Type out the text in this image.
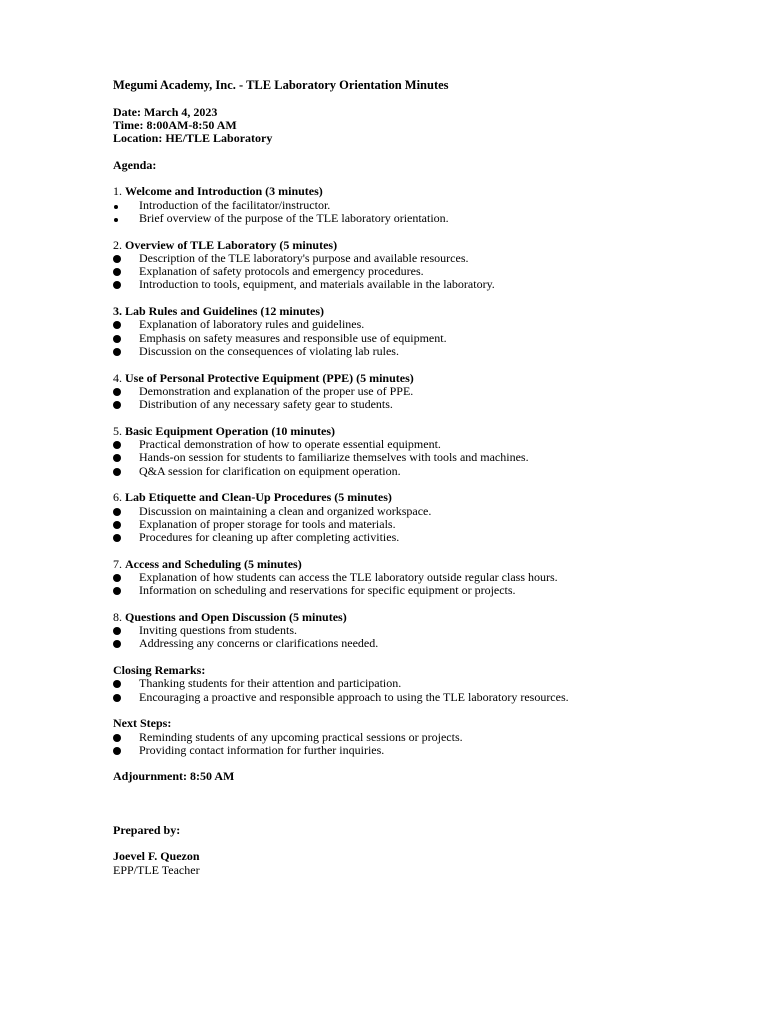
Megumi Academy, Inc. - TLE Laboratory Orientation Minutes
Date: March 4, 2023
Time: 8:00AM-8:50 AM
Location: HE/TLE Laboratory
Agenda:
1. Welcome and Introduction (3 minutes)
Introduction of the facilitator/instructor.
Brief overview of the purpose of the TLE laboratory orientation.
2. Overview of TLE Laboratory (5 minutes)
Description of the TLE laboratory's purpose and available resources.
Explanation of safety protocols and emergency procedures.
Introduction to tools, equipment, and materials available in the laboratory.
3. Lab Rules and Guidelines (12 minutes)
Explanation of laboratory rules and guidelines.
Emphasis on safety measures and responsible use of equipment.
Discussion on the consequences of violating lab rules.
4. Use of Personal Protective Equipment (PPE) (5 minutes)
Demonstration and explanation of the proper use of PPE.
Distribution of any necessary safety gear to students.
5. Basic Equipment Operation (10 minutes)
Practical demonstration of how to operate essential equipment.
Hands-on session for students to familiarize themselves with tools and machines.
Q&A session for clarification on equipment operation.
6. Lab Etiquette and Clean-Up Procedures (5 minutes)
Discussion on maintaining a clean and organized workspace.
Explanation of proper storage for tools and materials.
Procedures for cleaning up after completing activities.
7. Access and Scheduling (5 minutes)
Explanation of how students can access the TLE laboratory outside regular class hours.
Information on scheduling and reservations for specific equipment or projects.
8. Questions and Open Discussion (5 minutes)
Inviting questions from students.
Addressing any concerns or clarifications needed.
Closing Remarks:
Thanking students for their attention and participation.
Encouraging a proactive and responsible approach to using the TLE laboratory resources.
Next Steps:
Reminding students of any upcoming practical sessions or projects.
Providing contact information for further inquiries.
Adjournment: 8:50 AM
Prepared by:
Joevel F. Quezon
EPP/TLE Teacher
